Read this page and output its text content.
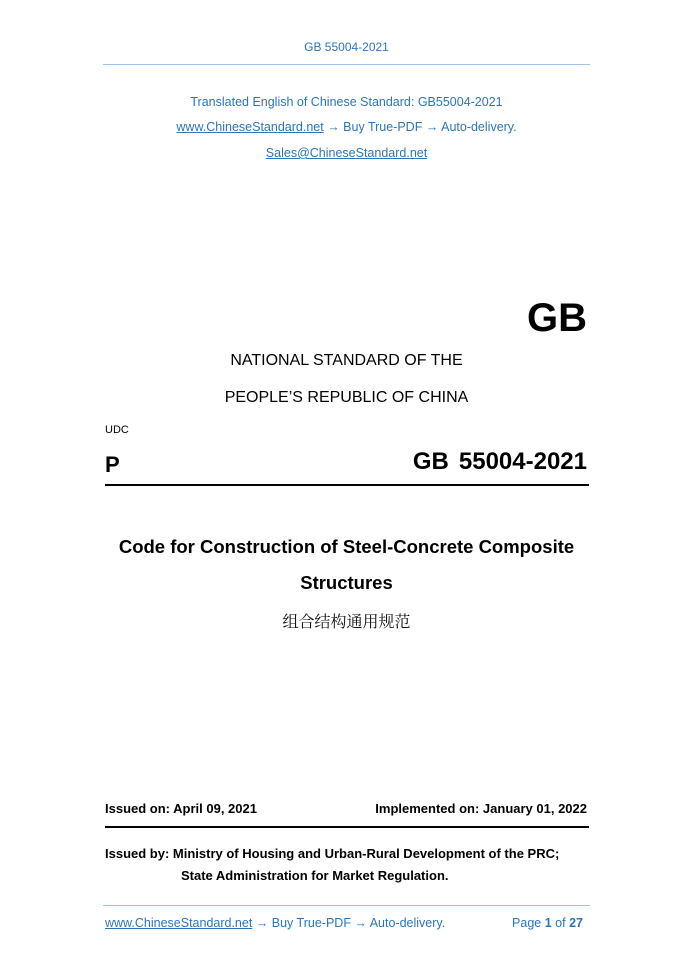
GB 55004-2021
Translated English of Chinese Standard: GB55004-2021
www.ChineseStandard.net → Buy True-PDF → Auto-delivery.
Sales@ChineseStandard.net
GB
NATIONAL STANDARD OF THE
PEOPLE’S REPUBLIC OF CHINA
UDC
P	GB 55004-2021
Code for Construction of Steel-Concrete Composite
Structures
组合结构通用规范
Issued on: April 09, 2021	Implemented on: January 01, 2022
Issued by: Ministry of Housing and Urban-Rural Development of the PRC;
State Administration for Market Regulation.
www.ChineseStandard.net → Buy True-PDF → Auto-delivery.	Page 1 of 27
